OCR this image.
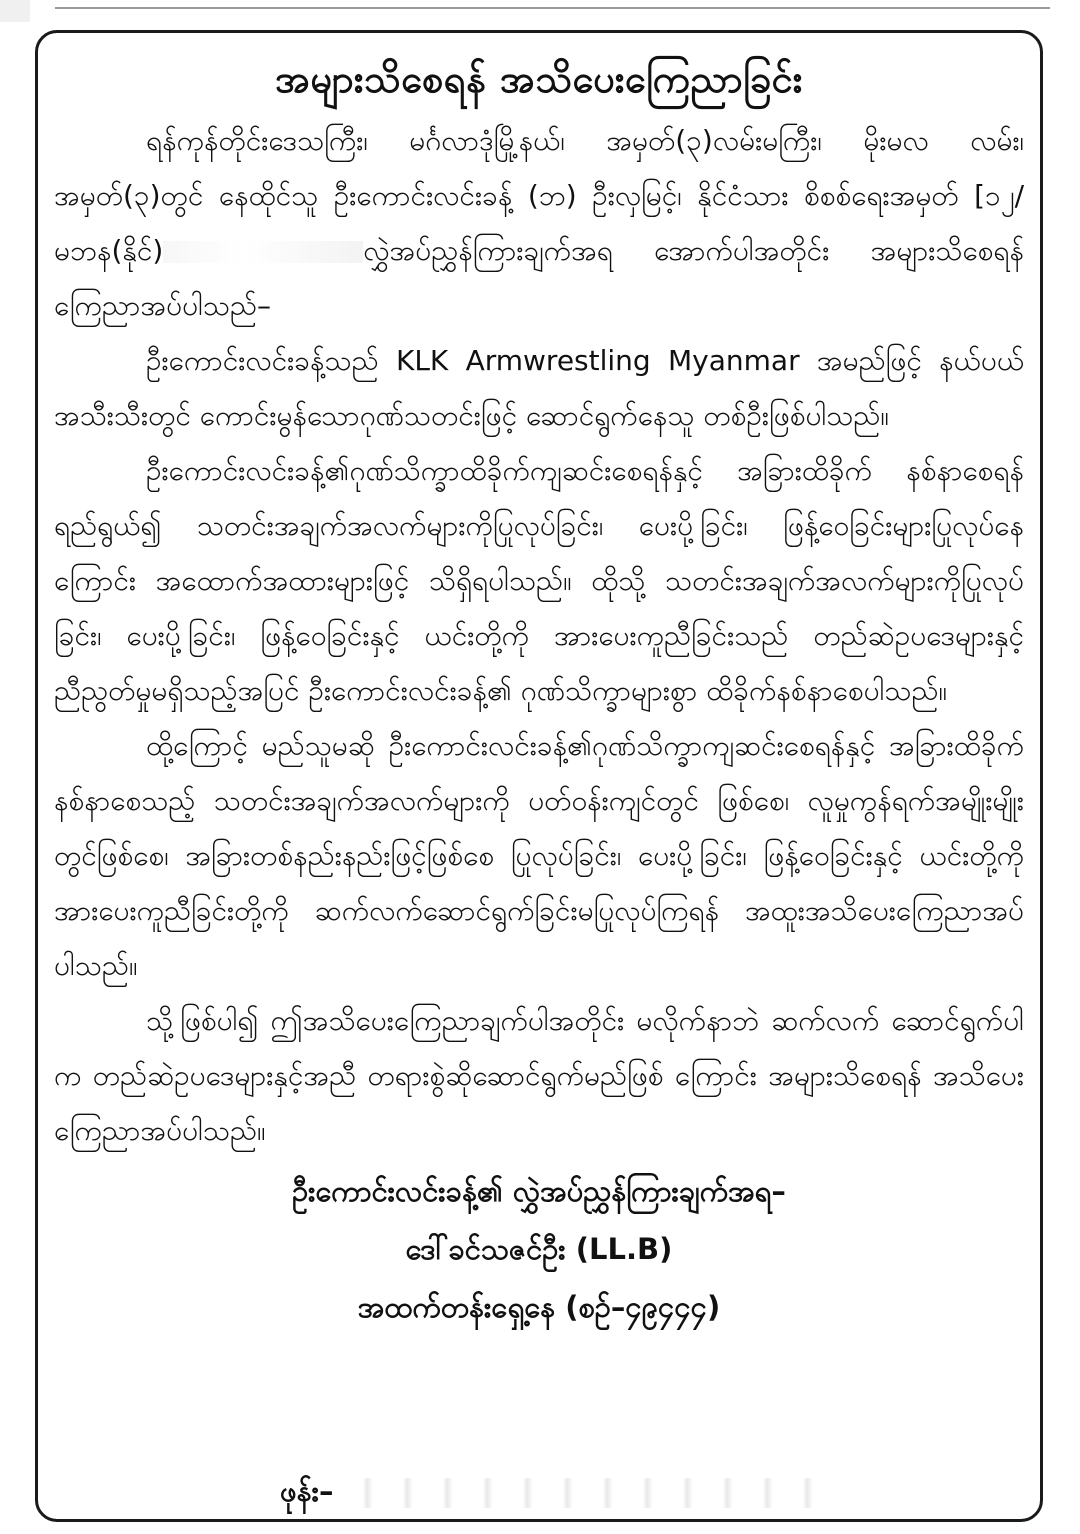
အများသိစေရန် အသိပေးကြေညာခြင်း

ရန်ကုန်တိုင်းဒေသကြီး၊ မင်္ဂလာဒုံမြို့နယ်၊ အမှတ်(၃)လမ်းမကြီး၊ မိုးမလ လမ်း၊ အမှတ်(၃)တွင် နေထိုင်သူ ဦးကောင်းလင်းခန့် (ဘ) ဦးလှမြင့်၊ နိုင်ငံသား စိစစ်ရေးအမှတ် [၁၂/မဘန(နိုင်)	လွှဲအပ်ညွှန်ကြားချက်အရ အောက်ပါအတိုင်း အများသိစေရန် ကြေညာအပ်ပါသည်–

ဦးကောင်းလင်းခန့်သည် KLK Armwrestling Myanmar အမည်ဖြင့် နယ်ပယ်အသီးသီးတွင် ကောင်းမွန်သောဂုဏ်သတင်းဖြင့် ဆောင်ရွက်နေသူ တစ်ဦးဖြစ်ပါသည်။

ဦးကောင်းလင်းခန့်၏ဂုဏ်သိက္ခာထိခိုက်ကျဆင်းစေရန်နှင့် အခြားထိခိုက် နစ်နာစေရန်ရည်ရွယ်၍ သတင်းအချက်အလက်များကိုပြုလုပ်ခြင်း၊ ပေးပို့ခြင်း၊ ဖြန့်ဝေခြင်းများပြုလုပ်နေကြောင်း အထောက်အထားများဖြင့် သိရှိရပါသည်။ ထိုသို့ သတင်းအချက်အလက်များကိုပြုလုပ်ခြင်း၊ ပေးပို့ခြင်း၊ ဖြန့်ဝေခြင်းနှင့် ယင်းတို့ကို အားပေးကူညီခြင်းသည် တည်ဆဲဥပဒေများနှင့် ညီညွတ်မှုမရှိသည့်အပြင် ဦးကောင်းလင်းခန့်၏ ဂုဏ်သိက္ခာများစွာ ထိခိုက်နစ်နာစေပါသည်။

ထို့ကြောင့် မည်သူမဆို ဦးကောင်းလင်းခန့်၏ဂုဏ်သိက္ခာကျဆင်းစေရန်နှင့် အခြားထိခိုက်နစ်နာစေသည့် သတင်းအချက်အလက်များကို ပတ်ဝန်းကျင်တွင် ဖြစ်စေ၊ လူမှုကွန်ရက်အမျိုးမျိုးတွင်ဖြစ်စေ၊ အခြားတစ်နည်းနည်းဖြင့်ဖြစ်စေ ပြုလုပ်ခြင်း၊ ပေးပို့ခြင်း၊ ဖြန့်ဝေခြင်းနှင့် ယင်းတို့ကို အားပေးကူညီခြင်းတို့ကို ဆက်လက်ဆောင်ရွက်ခြင်းမပြုလုပ်ကြရန် အထူးအသိပေးကြေညာအပ်ပါသည်။

သို့ဖြစ်ပါ၍ ဤအသိပေးကြေညာချက်ပါအတိုင်း မလိုက်နာဘဲ ဆက်လက် ဆောင်ရွက်ပါက တည်ဆဲဥပဒေများနှင့်အညီ တရားစွဲဆိုဆောင်ရွက်မည်ဖြစ် ကြောင်း အများသိစေရန် အသိပေးကြေညာအပ်ပါသည်။

ဦးကောင်းလင်းခန့်၏ လွှဲအပ်ညွှန်ကြားချက်အရ–
ဒေါ်ခင်သဇင်ဦး (LL.B)
အထက်တန်းရှေ့နေ (စဥ်–၄၉၄၄၄)
ဖုန်း–
